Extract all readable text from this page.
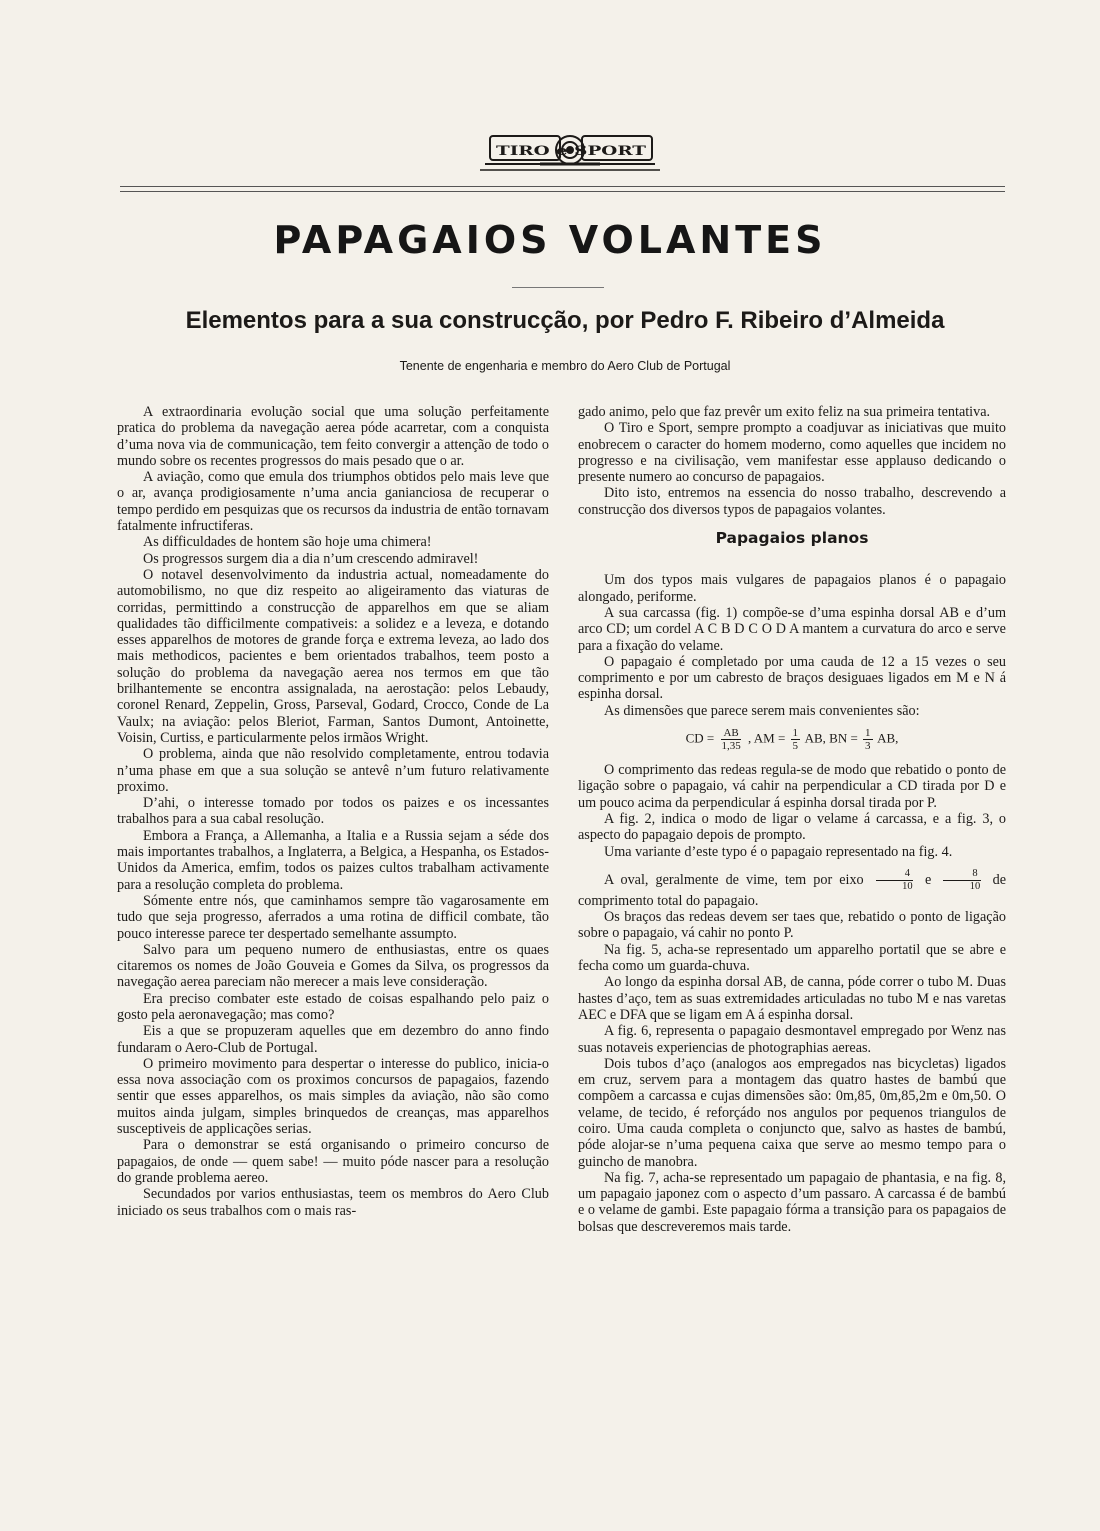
TIRO e SPORT
PAPAGAIOS VOLANTES
Elementos para a sua construcção, por Pedro F. Ribeiro d’Almeida

Tenente de engenharia e membro do Aero Club de Portugal

A extraordinaria evolução social que uma solução perfeitamente pratica do problema da navegação aerea póde acarretar, com a conquista d’uma nova via de communicação, tem feito convergir a attenção de todo o mundo sobre os recentes progressos do mais pesado que o ar.

A aviação, como que emula dos triumphos obtidos pelo mais leve que o ar, avança prodigiosamente n’uma ancia ganianciosa de recuperar o tempo perdido em pesquizas que os recursos da industria de então tornavam fatalmente infructiferas.

As difficuldades de hontem são hoje uma chimera!

Os progressos surgem dia a dia n’um crescendo admiravel!

O notavel desenvolvimento da industria actual, nomeadamente do automobilismo, no que diz respeito ao aligeiramento das viaturas de corridas, permittindo a construcção de apparelhos em que se aliam qualidades tão difficilmente compativeis: a solidez e a leveza, e dotando esses apparelhos de motores de grande força e extrema leveza, ao lado dos mais methodicos, pacientes e bem orientados trabalhos, teem posto a solução do problema da navegação aerea nos termos em que tão brilhantemente se encontra assignalada, na aerostação: pelos Lebaudy, coronel Renard, Zeppelin, Gross, Parseval, Godard, Crocco, Conde de La Vaulx; na aviação: pelos Bleriot, Farman, Santos Dumont, Antoinette, Voisin, Curtiss, e particularmente pelos irmãos Wright.

O problema, ainda que não resolvido completamente, entrou todavia n’uma phase em que a sua solução se antevê n’um futuro relativamente proximo.

D’ahi, o interesse tomado por todos os paizes e os incessantes trabalhos para a sua cabal resolução.

Embora a França, a Allemanha, a Italia e a Russia sejam a séde dos mais importantes trabalhos, a Inglaterra, a Belgica, a Hespanha, os Estados-Unidos da America, emfim, todos os paizes cultos trabalham activamente para a resolução completa do problema.

Sómente entre nós, que caminhamos sempre tão vagarosamente em tudo que seja progresso, aferrados a uma rotina de difficil combate, tão pouco interesse parece ter despertado semelhante assumpto.

Salvo para um pequeno numero de enthusiastas, entre os quaes citaremos os nomes de João Gouveia e Gomes da Silva, os progressos da navegação aerea pareciam não merecer a mais leve consideração.

Era preciso combater este estado de coisas espalhando pelo paiz o gosto pela aeronavegação; mas como?

Eis a que se propuzeram aquelles que em dezembro do anno findo fundaram o Aero-Club de Portugal.

O primeiro movimento para despertar o interesse do publico, inicia-o essa nova associação com os proximos concursos de papagaios, fazendo sentir que esses apparelhos, os mais simples da aviação, não são como muitos ainda julgam, simples brinquedos de creanças, mas apparelhos susceptiveis de applicações serias.

Para o demonstrar se está organisando o primeiro concurso de papagaios, de onde — quem sabe! — muito póde nascer para a resolução do grande problema aereo.

Secundados por varios enthusiastas, teem os membros do Aero Club iniciado os seus trabalhos com o mais ras-

gado animo, pelo que faz prevêr um exito feliz na sua primeira tentativa.

O Tiro e Sport, sempre prompto a coadjuvar as iniciativas que muito enobrecem o caracter do homem moderno, como aquelles que incidem no progresso e na civilisação, vem manifestar esse applauso dedicando o presente numero ao concurso de papagaios.

Dito isto, entremos na essencia do nosso trabalho, descrevendo a construcção dos diversos typos de papagaios volantes.

Papagaios planos

Um dos typos mais vulgares de papagaios planos é o papagaio alongado, periforme.

A sua carcassa (fig. 1) compõe-se d’uma espinha dorsal AB e d’um arco CD; um cordel A C B D C O D A mantem a curvatura do arco e serve para a fixação do velame.

O papagaio é completado por uma cauda de 12 a 15 vezes o seu comprimento e por um cabresto de braços desiguaes ligados em M e N á espinha dorsal.

As dimensões que parece serem mais convenientes são:

CD = $\frac{AB}{1,35}$ , AM = $\frac{1}{5}$ AB, BN = $\frac{1}{3}$ AB,

O comprimento das redeas regula-se de modo que rebatido o ponto de ligação sobre o papagaio, vá cahir na perpendicular a CD tirada por D e um pouco acima da perpendicular á espinha dorsal tirada por P.

A fig. 2, indica o modo de ligar o velame á carcassa, e a fig. 3, o aspecto do papagaio depois de prompto.

Uma variante d’este typo é o papagaio representado na fig. 4.

A oval, geralmente de vime, tem por eixo $\frac{4}{10}$ e $\frac{8}{10}$ de comprimento total do papagaio.

Os braços das redeas devem ser taes que, rebatido o ponto de ligação sobre o papagaio, vá cahir no ponto P.

Na fig. 5, acha-se representado um apparelho portatil que se abre e fecha como um guarda-chuva.

Ao longo da espinha dorsal AB, de canna, póde correr o tubo M. Duas hastes d’aço, tem as suas extremidades articuladas no tubo M e nas varetas AEC e DFA que se ligam em A á espinha dorsal.

A fig. 6, representa o papagaio desmontavel empregado por Wenz nas suas notaveis experiencias de photographias aereas.

Dois tubos d’aço (analogos aos empregados nas bicycletas) ligados em cruz, servem para a montagem das quatro hastes de bambú que compõem a carcassa e cujas dimensões são: 0m,85, 0m,85,2m e 0m,50. O velame, de tecido, é reforçádo nos angulos por pequenos triangulos de coiro. Uma cauda completa o conjuncto que, salvo as hastes de bambú, póde alojar-se n’uma pequena caixa que serve ao mesmo tempo para o guincho de manobra.

Na fig. 7, acha-se representado um papagaio de phantasia, e na fig. 8, um papagaio japonez com o aspecto d’um passaro. A carcassa é de bambú e o velame de gambi. Este papagaio fórma a transição para os papagaios de bolsas que descreveremos mais tarde.
